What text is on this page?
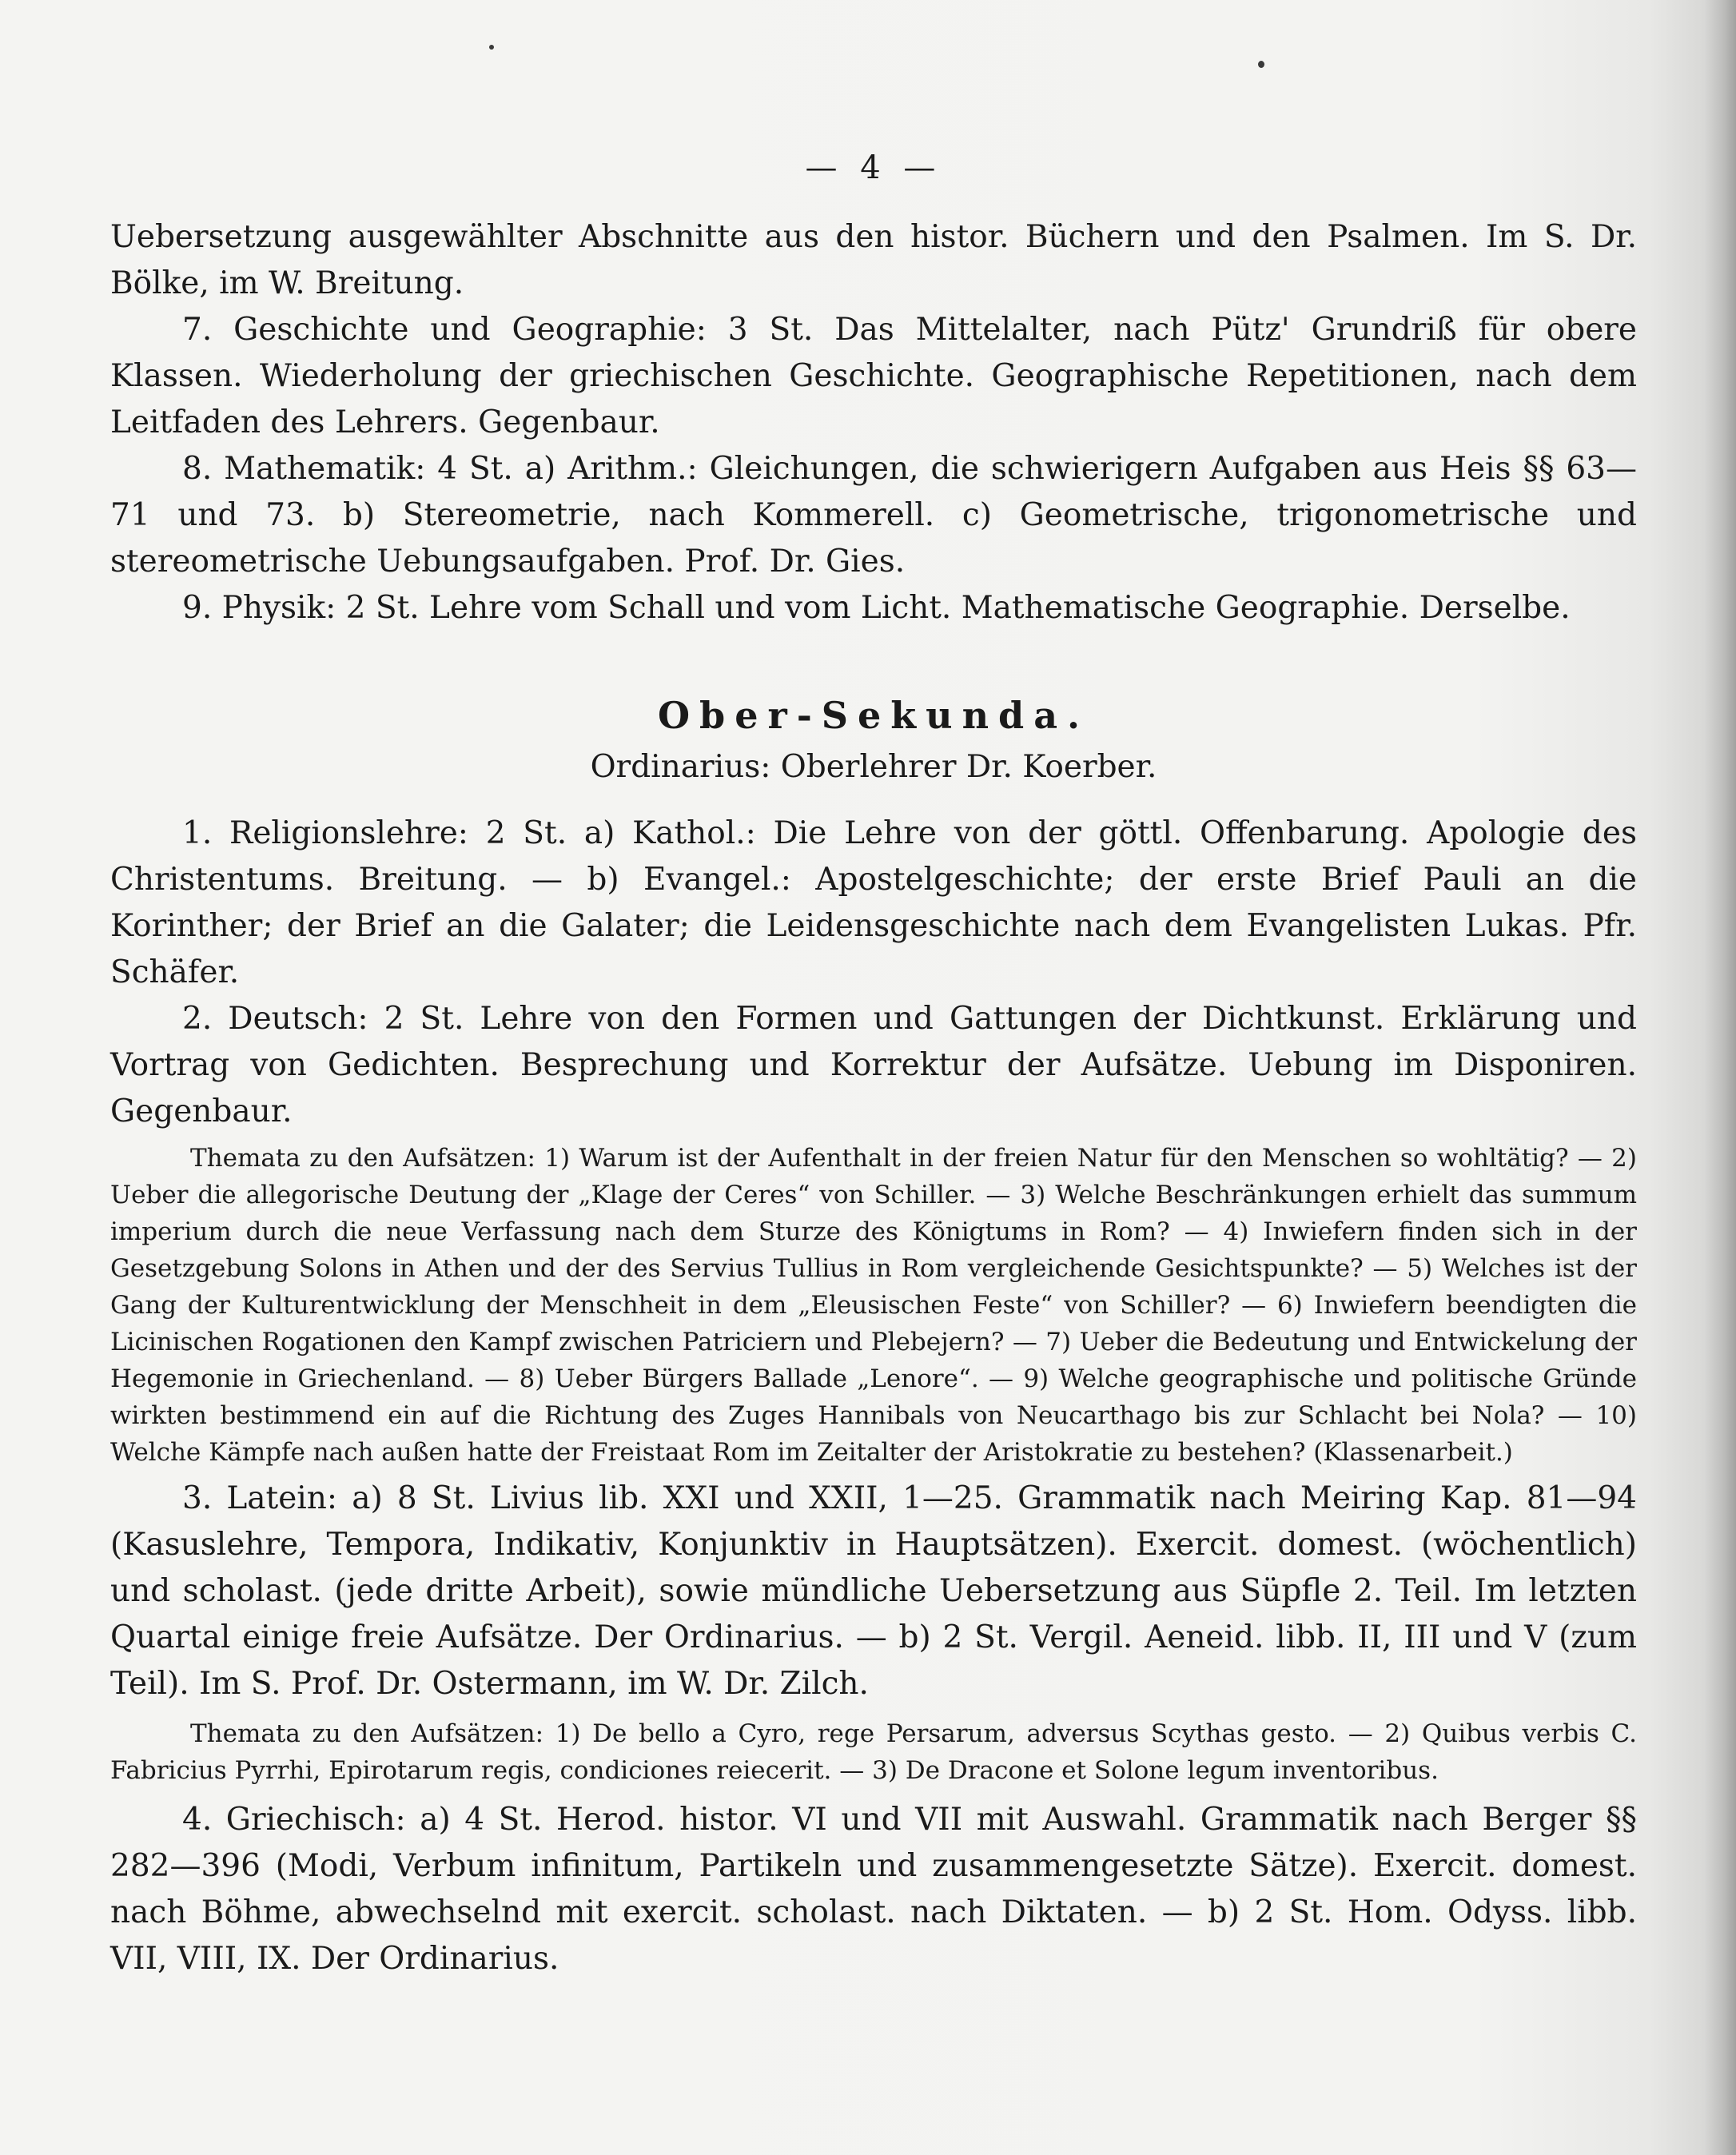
— 4 —

Uebersetzung ausgewählter Abschnitte aus den histor. Büchern und den Psalmen. Im S. Dr. Bölke, im W. Breitung.

7. Geschichte und Geographie: 3 St. Das Mittelalter, nach Pütz' Grundriß für obere Klassen. Wiederholung der griechischen Geschichte. Geographische Repetitionen, nach dem Leitfaden des Lehrers. Gegenbaur.

8. Mathematik: 4 St. a) Arithm.: Gleichungen, die schwierigern Aufgaben aus Heis §§ 63—71 und 73. b) Stereometrie, nach Kommerell. c) Geometrische, trigonometrische und stereometrische Uebungsaufgaben. Prof. Dr. Gies.

9. Physik: 2 St. Lehre vom Schall und vom Licht. Mathematische Geographie. Derselbe.

Ober-Sekunda.
Ordinarius: Oberlehrer Dr. Koerber.

1. Religionslehre: 2 St. a) Kathol.: Die Lehre von der göttl. Offenbarung. Apologie des Christentums. Breitung. — b) Evangel.: Apostelgeschichte; der erste Brief Pauli an die Korinther; der Brief an die Galater; die Leidensgeschichte nach dem Evangelisten Lukas. Pfr. Schäfer.

2. Deutsch: 2 St. Lehre von den Formen und Gattungen der Dichtkunst. Erklärung und Vortrag von Gedichten. Besprechung und Korrektur der Aufsätze. Uebung im Disponiren. Gegenbaur.

Themata zu den Aufsätzen: 1) Warum ist der Aufenthalt in der freien Natur für den Menschen so wohltätig? — 2) Ueber die allegorische Deutung der „Klage der Ceres“ von Schiller. — 3) Welche Beschränkungen erhielt das summum imperium durch die neue Verfassung nach dem Sturze des Königtums in Rom? — 4) Inwiefern finden sich in der Gesetzgebung Solons in Athen und der des Servius Tullius in Rom vergleichende Gesichtspunkte? — 5) Welches ist der Gang der Kulturentwicklung der Menschheit in dem „Eleusischen Feste“ von Schiller? — 6) Inwiefern beendigten die Licinischen Rogationen den Kampf zwischen Patriciern und Plebejern? — 7) Ueber die Bedeutung und Entwickelung der Hegemonie in Griechenland. — 8) Ueber Bürgers Ballade „Lenore“. — 9) Welche geographische und politische Gründe wirkten bestimmend ein auf die Richtung des Zuges Hannibals von Neucarthago bis zur Schlacht bei Nola? — 10) Welche Kämpfe nach außen hatte der Freistaat Rom im Zeitalter der Aristokratie zu bestehen? (Klassenarbeit.)

3. Latein: a) 8 St. Livius lib. XXI und XXII, 1—25. Grammatik nach Meiring Kap. 81—94 (Kasuslehre, Tempora, Indikativ, Konjunktiv in Hauptsätzen). Exercit. domest. (wöchentlich) und scholast. (jede dritte Arbeit), sowie mündliche Uebersetzung aus Süpfle 2. Teil. Im letzten Quartal einige freie Aufsätze. Der Ordinarius. — b) 2 St. Vergil. Aeneid. libb. II, III und V (zum Teil). Im S. Prof. Dr. Ostermann, im W. Dr. Zilch.

Themata zu den Aufsätzen: 1) De bello a Cyro, rege Persarum, adversus Scythas gesto. — 2) Quibus verbis C. Fabricius Pyrrhi, Epirotarum regis, condiciones reiecerit. — 3) De Dracone et Solone legum inventoribus.

4. Griechisch: a) 4 St. Herod. histor. VI und VII mit Auswahl. Grammatik nach Berger §§ 282—396 (Modi, Verbum infinitum, Partikeln und zusammengesetzte Sätze). Exercit. domest. nach Böhme, abwechselnd mit exercit. scholast. nach Diktaten. — b) 2 St. Hom. Odyss. libb. VII, VIII, IX. Der Ordinarius.
